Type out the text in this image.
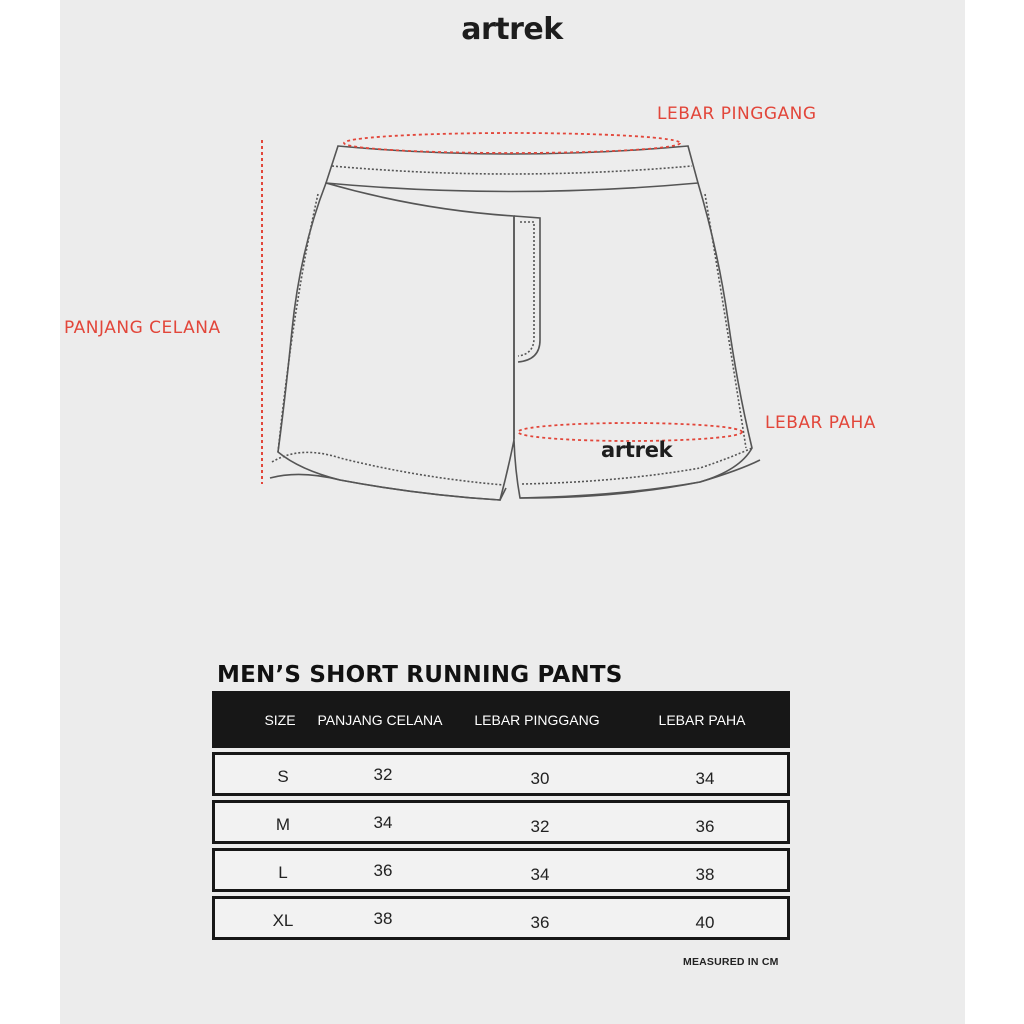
artrek
LEBAR PINGGANG
PANJANG CELANA
LEBAR PAHA
artrek
MEN’S SHORT RUNNING PANTS
SIZE	PANJANG CELANA	LEBAR PINGGANG	LEBAR PAHA
S	32	30	34
M	34	32	36
L	36	34	38
XL	38	36	40
MEASURED IN CM
